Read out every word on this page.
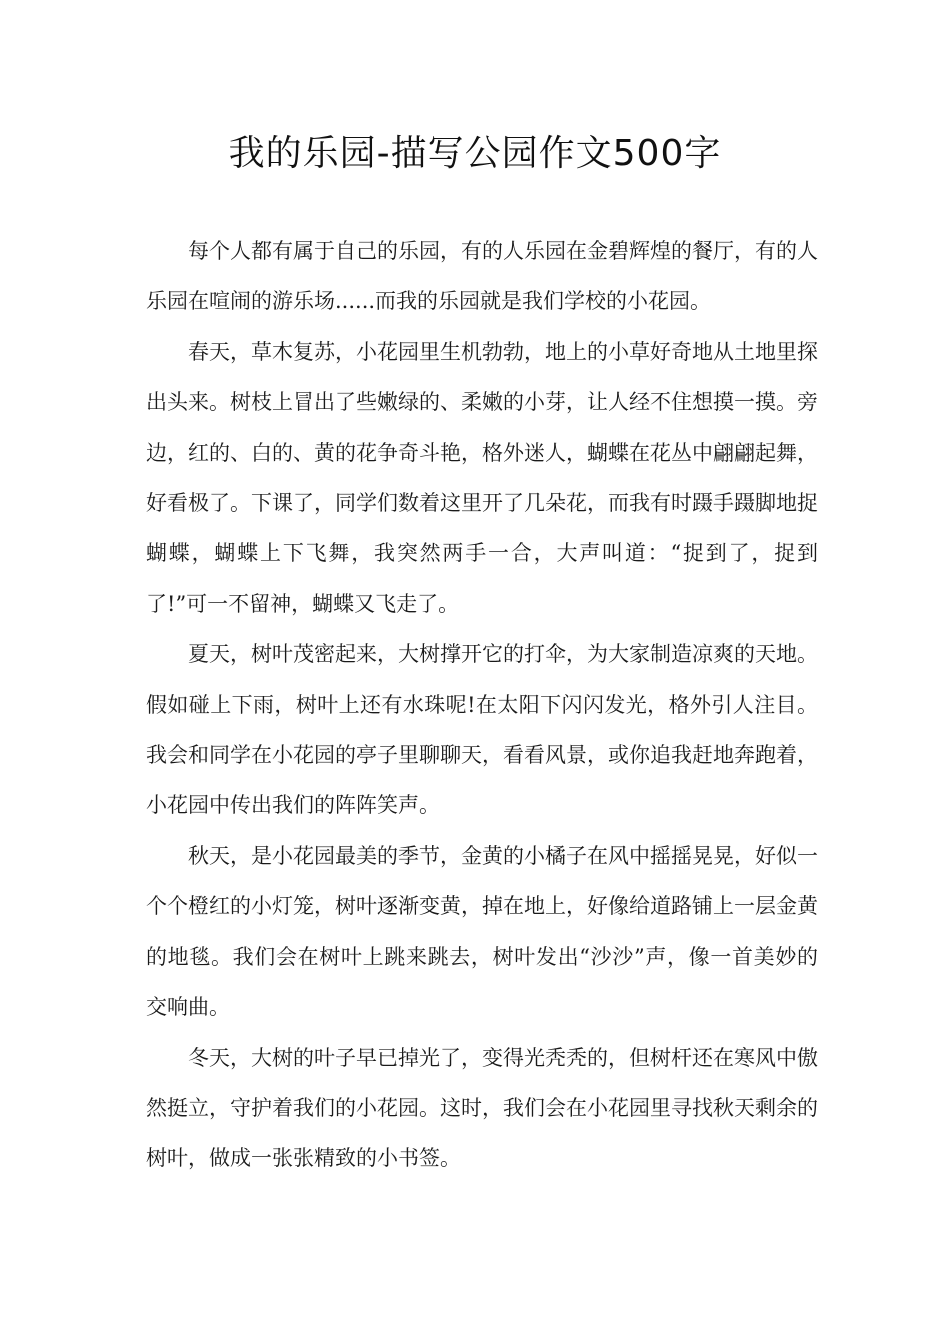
我的乐园-描写公园作文500字

每个人都有属于自己的乐园，有的人乐园在金碧辉煌的餐厅，有的人乐园在喧闹的游乐场......而我的乐园就是我们学校的小花园。

春天，草木复苏，小花园里生机勃勃，地上的小草好奇地从土地里探出头来。树枝上冒出了些嫩绿的、柔嫩的小芽，让人经不住想摸一摸。旁边，红的、白的、黄的花争奇斗艳，格外迷人，蝴蝶在花丛中翩翩起舞，好看极了。下课了，同学们数着这里开了几朵花，而我有时蹑手蹑脚地捉蝴蝶，蝴蝶上下飞舞，我突然两手一合，大声叫道：“捉到了，捉到了!”可一不留神，蝴蝶又飞走了。

夏天，树叶茂密起来，大树撑开它的打伞，为大家制造凉爽的天地。假如碰上下雨，树叶上还有水珠呢!在太阳下闪闪发光，格外引人注目。我会和同学在小花园的亭子里聊聊天，看看风景，或你追我赶地奔跑着，小花园中传出我们的阵阵笑声。

秋天，是小花园最美的季节，金黄的小橘子在风中摇摇晃晃，好似一个个橙红的小灯笼，树叶逐渐变黄，掉在地上，好像给道路铺上一层金黄的地毯。我们会在树叶上跳来跳去，树叶发出“沙沙”声，像一首美妙的交响曲。

冬天，大树的叶子早已掉光了，变得光秃秃的，但树杆还在寒风中傲然挺立，守护着我们的小花园。这时，我们会在小花园里寻找秋天剩余的树叶，做成一张张精致的小书签。
